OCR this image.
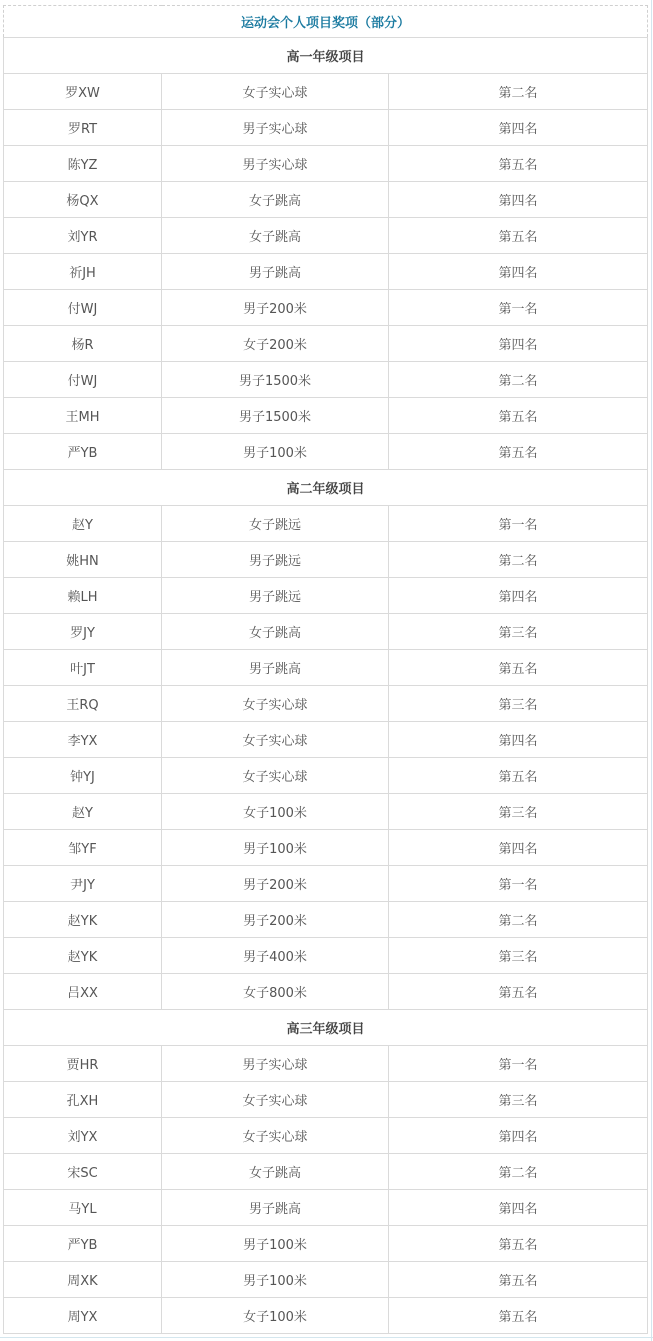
运动会个人项目奖项（部分）		
高一年级项目		
罗XW	女子实心球	第二名
罗RT	男子实心球	第四名
陈YZ	男子实心球	第五名
杨QX	女子跳高	第四名
刘YR	女子跳高	第五名
祈JH	男子跳高	第四名
付WJ	男子200米	第一名
杨R	女子200米	第四名
付WJ	男子1500米	第二名
王MH	男子1500米	第五名
严YB	男子100米	第五名
高二年级项目		
赵Y	女子跳远	第一名
姚HN	男子跳远	第二名
赖LH	男子跳远	第四名
罗JY	女子跳高	第三名
叶JT	男子跳高	第五名
王RQ	女子实心球	第三名
李YX	女子实心球	第四名
钟YJ	女子实心球	第五名
赵Y	女子100米	第三名
邹YF	男子100米	第四名
尹JY	男子200米	第一名
赵YK	男子200米	第二名
赵YK	男子400米	第三名
吕XX	女子800米	第五名
高三年级项目		
贾HR	男子实心球	第一名
孔XH	女子实心球	第三名
刘YX	女子实心球	第四名
宋SC	女子跳高	第二名
马YL	男子跳高	第四名
严YB	男子100米	第五名
周XK	男子100米	第五名
周YX	女子100米	第五名
